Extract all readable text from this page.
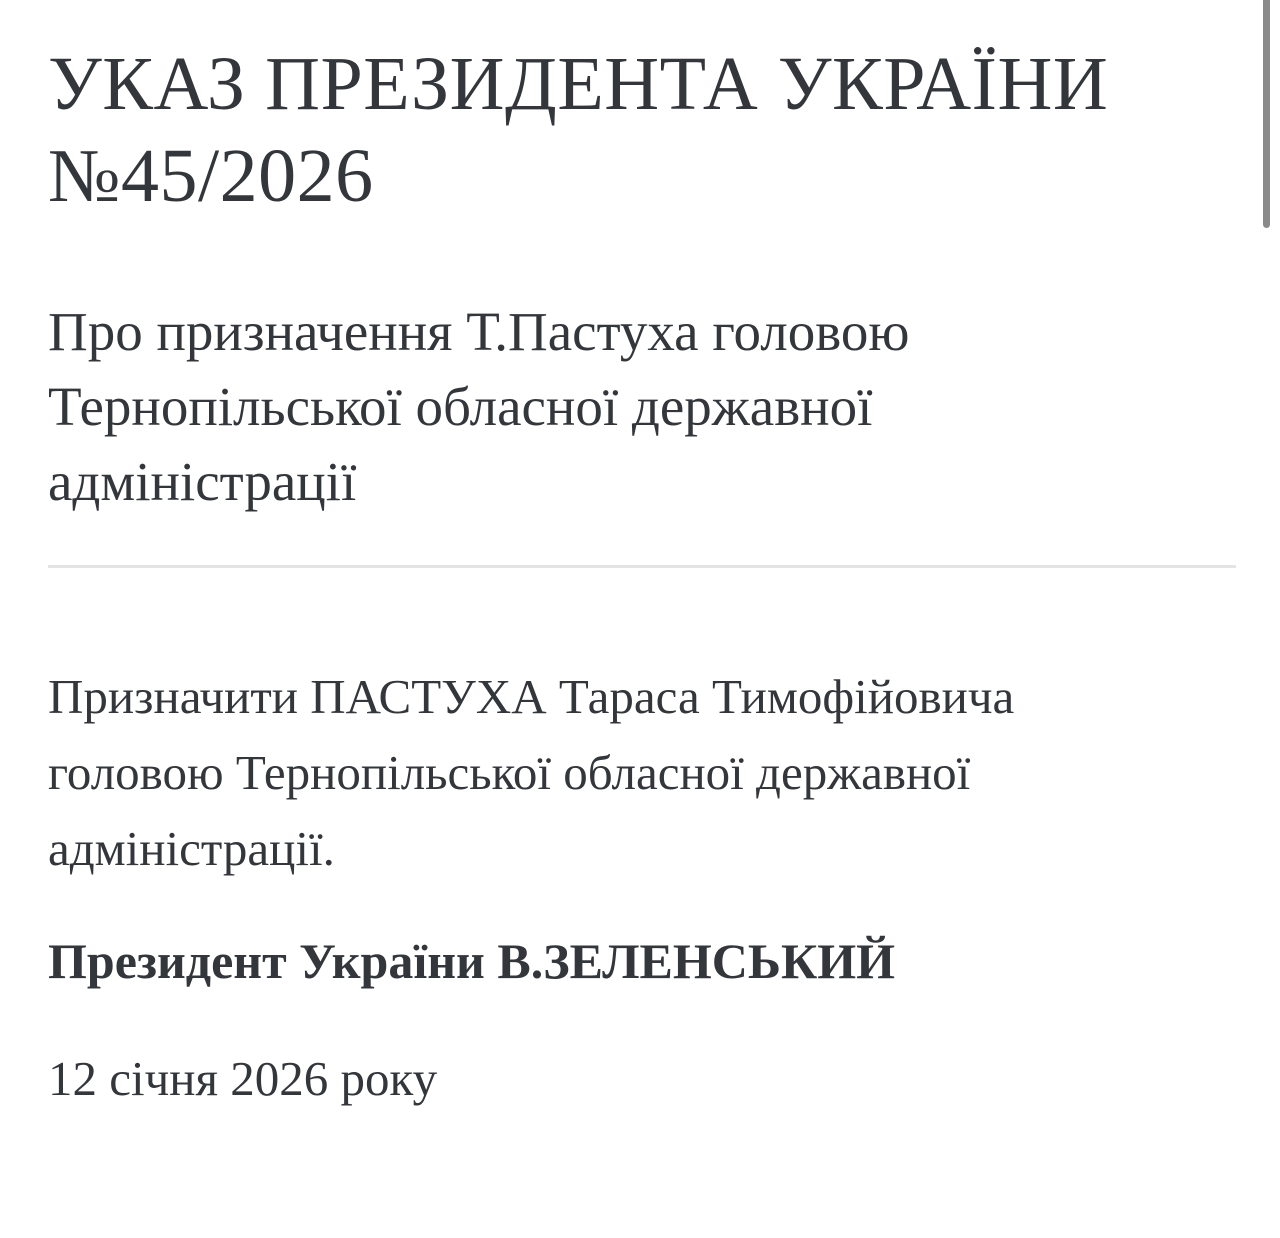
УКАЗ ПРЕЗИДЕНТА УКРАЇНИ
№45/2026
Про призначення Т.Пастуха головою
Тернопільської обласної державної
адміністрації

Призначити ПАСТУХА Тараса Тимофійовича
головою Тернопільської обласної державної
адміністрації.

Президент України В.ЗЕЛЕНСЬКИЙ

12 січня 2026 року
